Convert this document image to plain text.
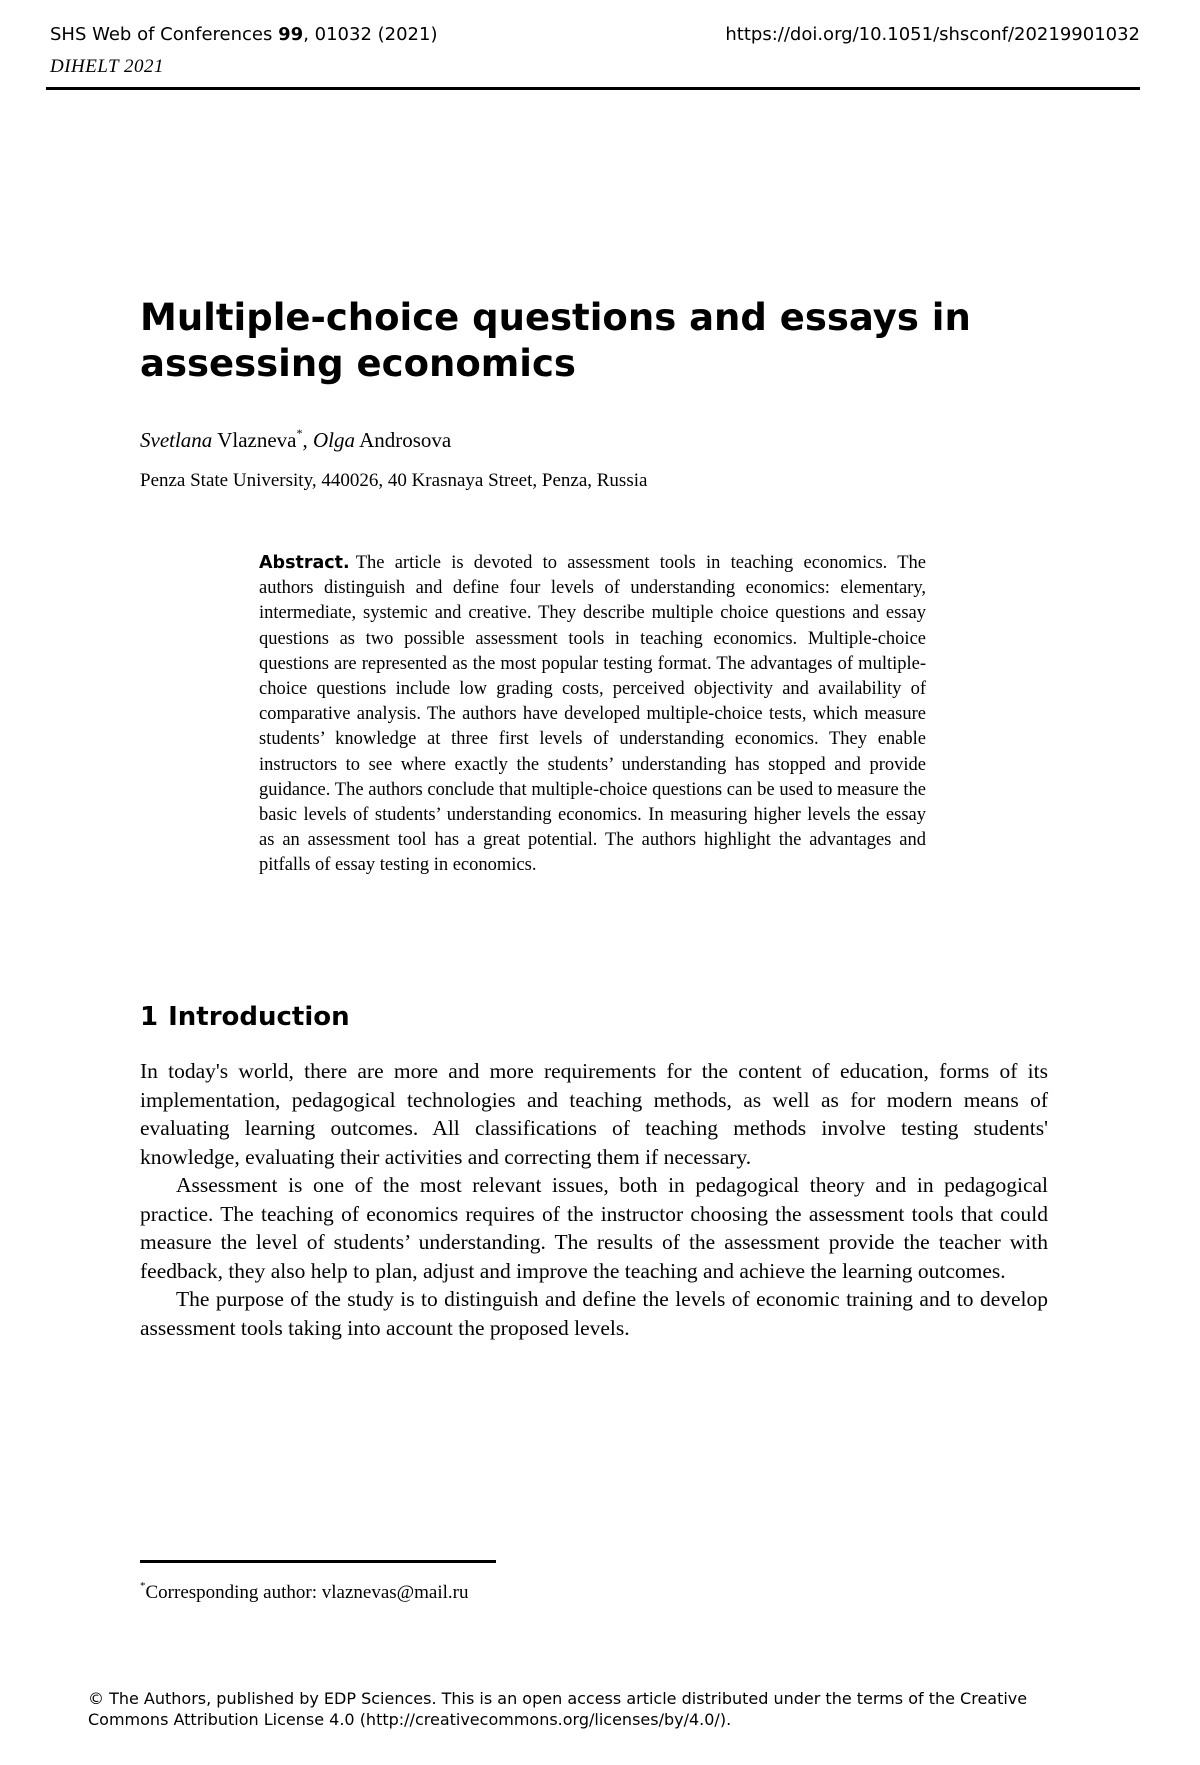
SHS Web of Conferences 99, 01032 (2021)	https://doi.org/10.1051/shsconf/20219901032
DIHELT 2021
Multiple-choice questions and essays in assessing economics
Svetlana Vlazneva*, Olga Androsova
Penza State University, 440026, 40 Krasnaya Street, Penza, Russia
Abstract. The article is devoted to assessment tools in teaching economics. The authors distinguish and define four levels of understanding economics: elementary, intermediate, systemic and creative. They describe multiple choice questions and essay questions as two possible assessment tools in teaching economics. Multiple-choice questions are represented as the most popular testing format. The advantages of multiple-choice questions include low grading costs, perceived objectivity and availability of comparative analysis. The authors have developed multiple-choice tests, which measure students’ knowledge at three first levels of understanding economics. They enable instructors to see where exactly the students’ understanding has stopped and provide guidance. The authors conclude that multiple-choice questions can be used to measure the basic levels of students’ understanding economics. In measuring higher levels the essay as an assessment tool has a great potential. The authors highlight the advantages and pitfalls of essay testing in economics.
1 Introduction

In today's world, there are more and more requirements for the content of education, forms of its implementation, pedagogical technologies and teaching methods, as well as for modern means of evaluating learning outcomes. All classifications of teaching methods involve testing students' knowledge, evaluating their activities and correcting them if necessary.

Assessment is one of the most relevant issues, both in pedagogical theory and in pedagogical practice. The teaching of economics requires of the instructor choosing the assessment tools that could measure the level of students’ understanding. The results of the assessment provide the teacher with feedback, they also help to plan, adjust and improve the teaching and achieve the learning outcomes.

The purpose of the study is to distinguish and define the levels of economic training and to develop assessment tools taking into account the proposed levels.

*Corresponding author: vlaznevas@mail.ru
© The Authors, published by EDP Sciences. This is an open access article distributed under the terms of the Creative
Commons Attribution License 4.0 (http://creativecommons.org/licenses/by/4.0/).
